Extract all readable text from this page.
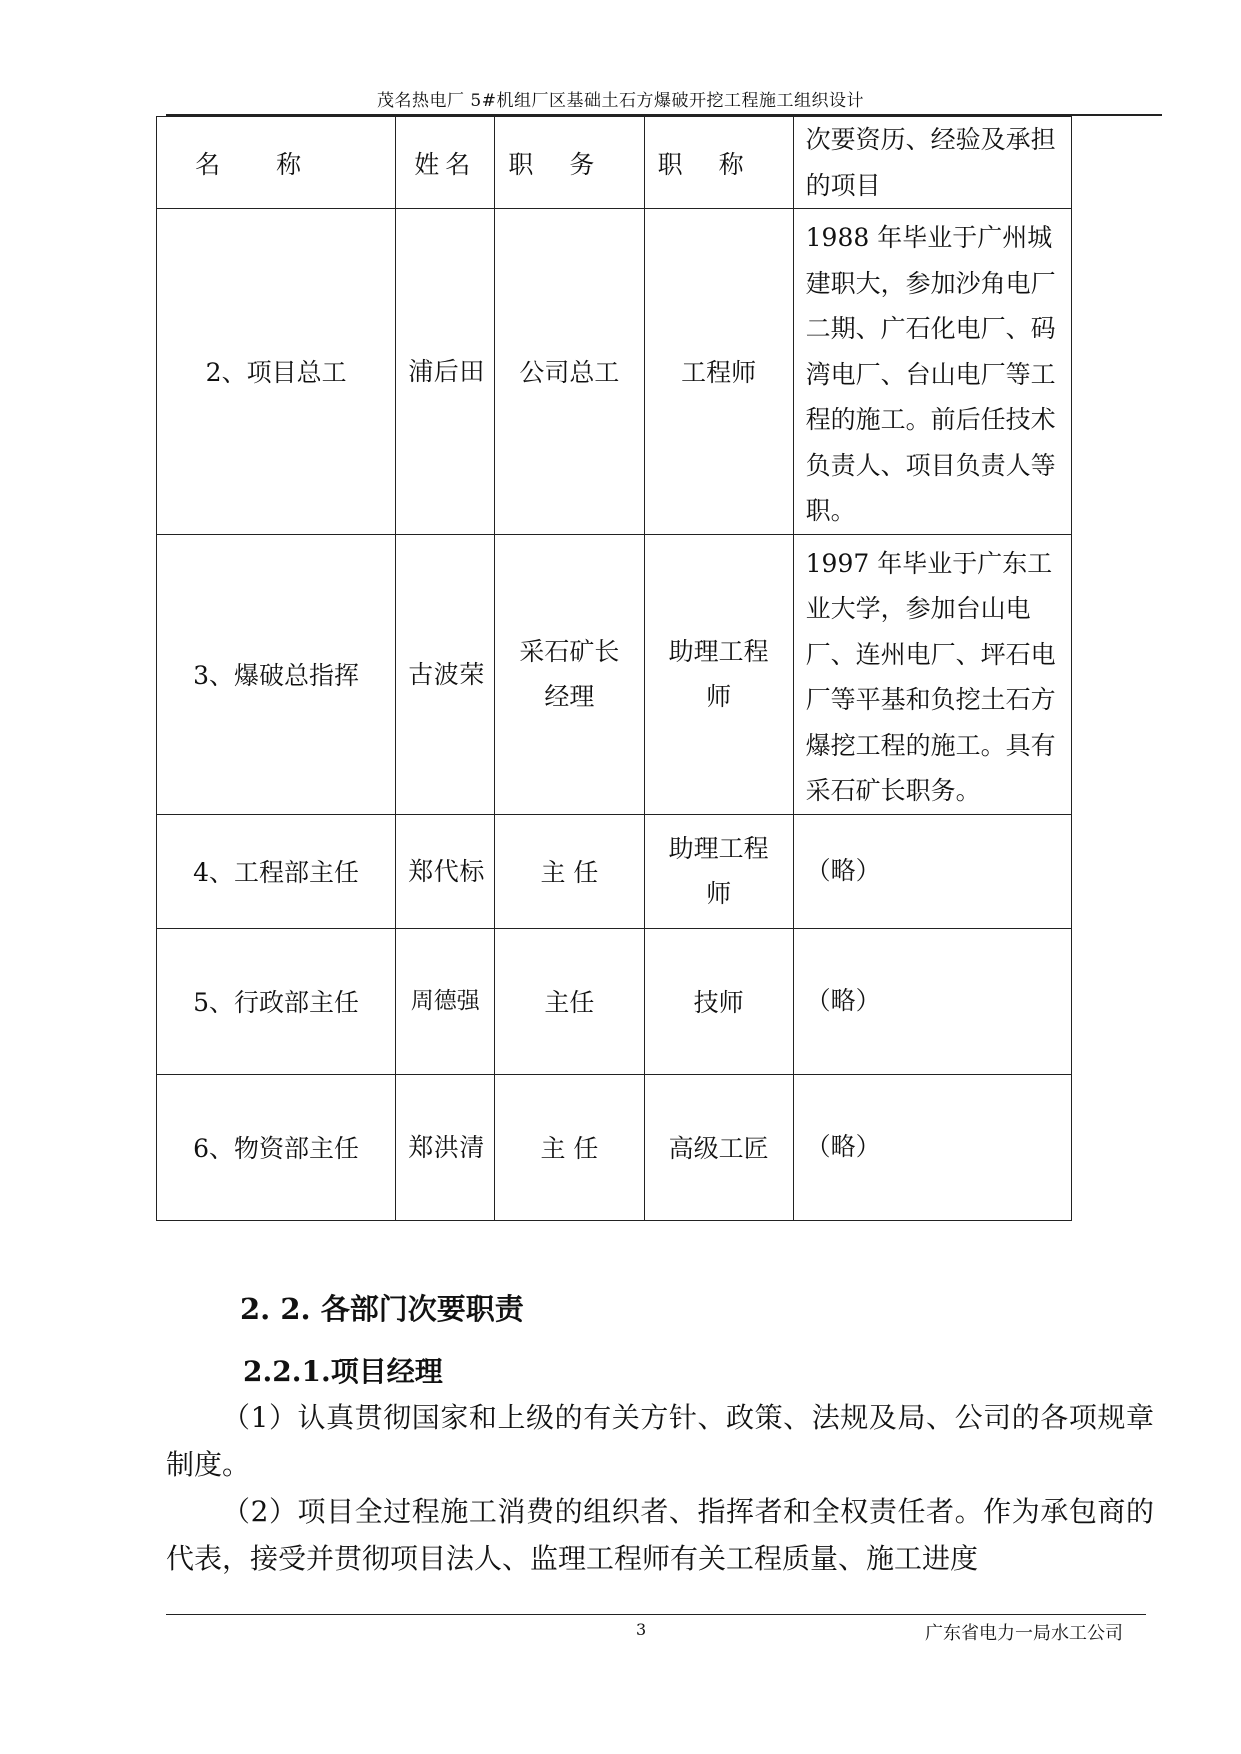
茂名热电厂 5#机组厂区基础土石方爆破开挖工程施工组织设计
名称	姓名	职务	职称	次要资历、经验及承担的项目
2、项目总工	浦后田	公司总工	工程师	1988 年毕业于广州城建职大，参加沙角电厂二期、广石化电厂、码湾电厂、台山电厂等工程的施工。前后任技术负责人、项目负责人等职。
3、爆破总指挥	古波荣	采石矿长经理	助理工程师	1997 年毕业于广东工业大学，参加台山电厂、连州电厂、坪石电厂等平基和负挖土石方爆挖工程的施工。具有采石矿长职务。
4、工程部主任	郑代标	主 任	助理工程师	（略）
5、行政部主任	周德强	主任	技师	（略）
6、物资部主任	郑洪清	主 任	高级工匠	（略）
2. 2. 各部门次要职责
2.2.1.项目经理
（1）认真贯彻国家和上级的有关方针、政策、法规及局、公司的各项规章制度。
（2）项目全过程施工消费的组织者、指挥者和全权责任者。作为承包商的代表，接受并贯彻项目法人、监理工程师有关工程质量、施工进度
3	广东省电力一局水工公司
